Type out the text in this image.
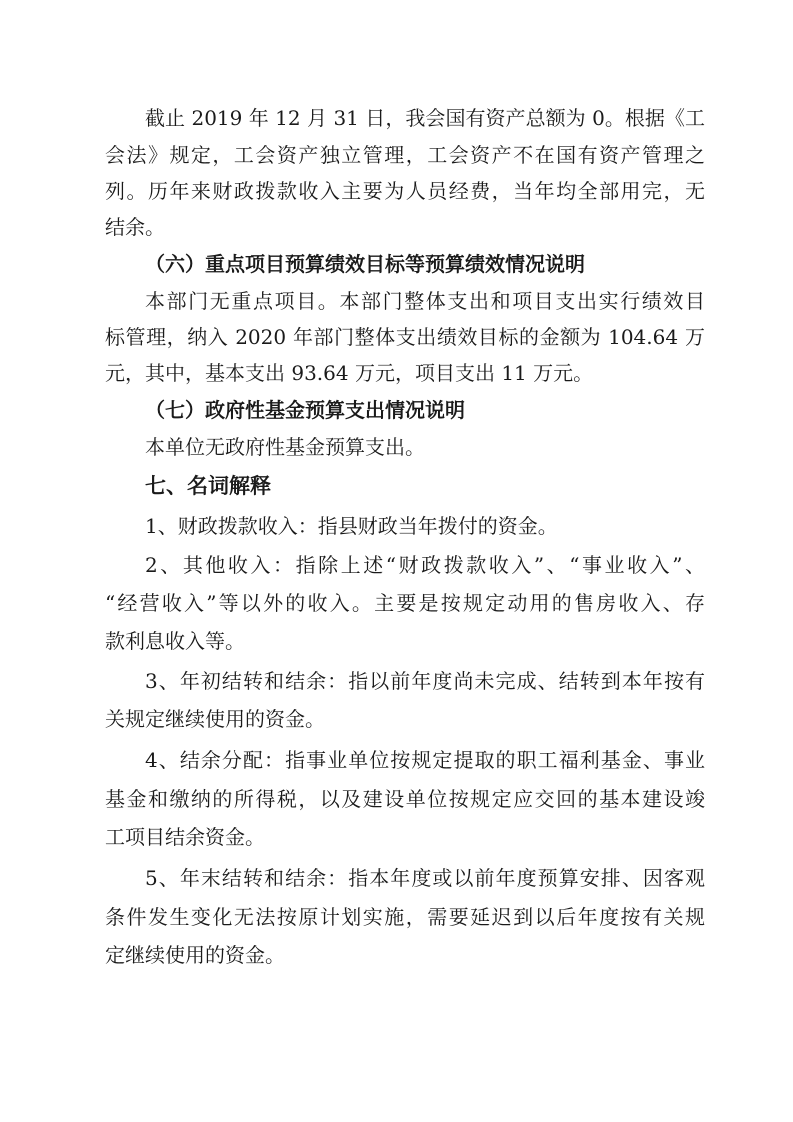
截止 2019 年 12 月 31 日，我会国有资产总额为 0。根据《工
会法》规定，工会资产独立管理，工会资产不在国有资产管理之
列。历年来财政拨款收入主要为人员经费，当年均全部用完，无
结余。
（六）重点项目预算绩效目标等预算绩效情况说明
本部门无重点项目。本部门整体支出和项目支出实行绩效目
标管理，纳入 2020 年部门整体支出绩效目标的金额为 104.64 万
元，其中，基本支出 93.64 万元，项目支出 11 万元。
（七）政府性基金预算支出情况说明
本单位无政府性基金预算支出。
七、名词解释
1、财政拨款收入：指县财政当年拨付的资金。
2、其他收入：指除上述“财政拨款收入”、“事业收入”、
“经营收入”等以外的收入。主要是按规定动用的售房收入、存
款利息收入等。
3、年初结转和结余：指以前年度尚未完成、结转到本年按有
关规定继续使用的资金。
4、结余分配：指事业单位按规定提取的职工福利基金、事业
基金和缴纳的所得税，以及建设单位按规定应交回的基本建设竣
工项目结余资金。
5、年末结转和结余：指本年度或以前年度预算安排、因客观
条件发生变化无法按原计划实施，需要延迟到以后年度按有关规
定继续使用的资金。
